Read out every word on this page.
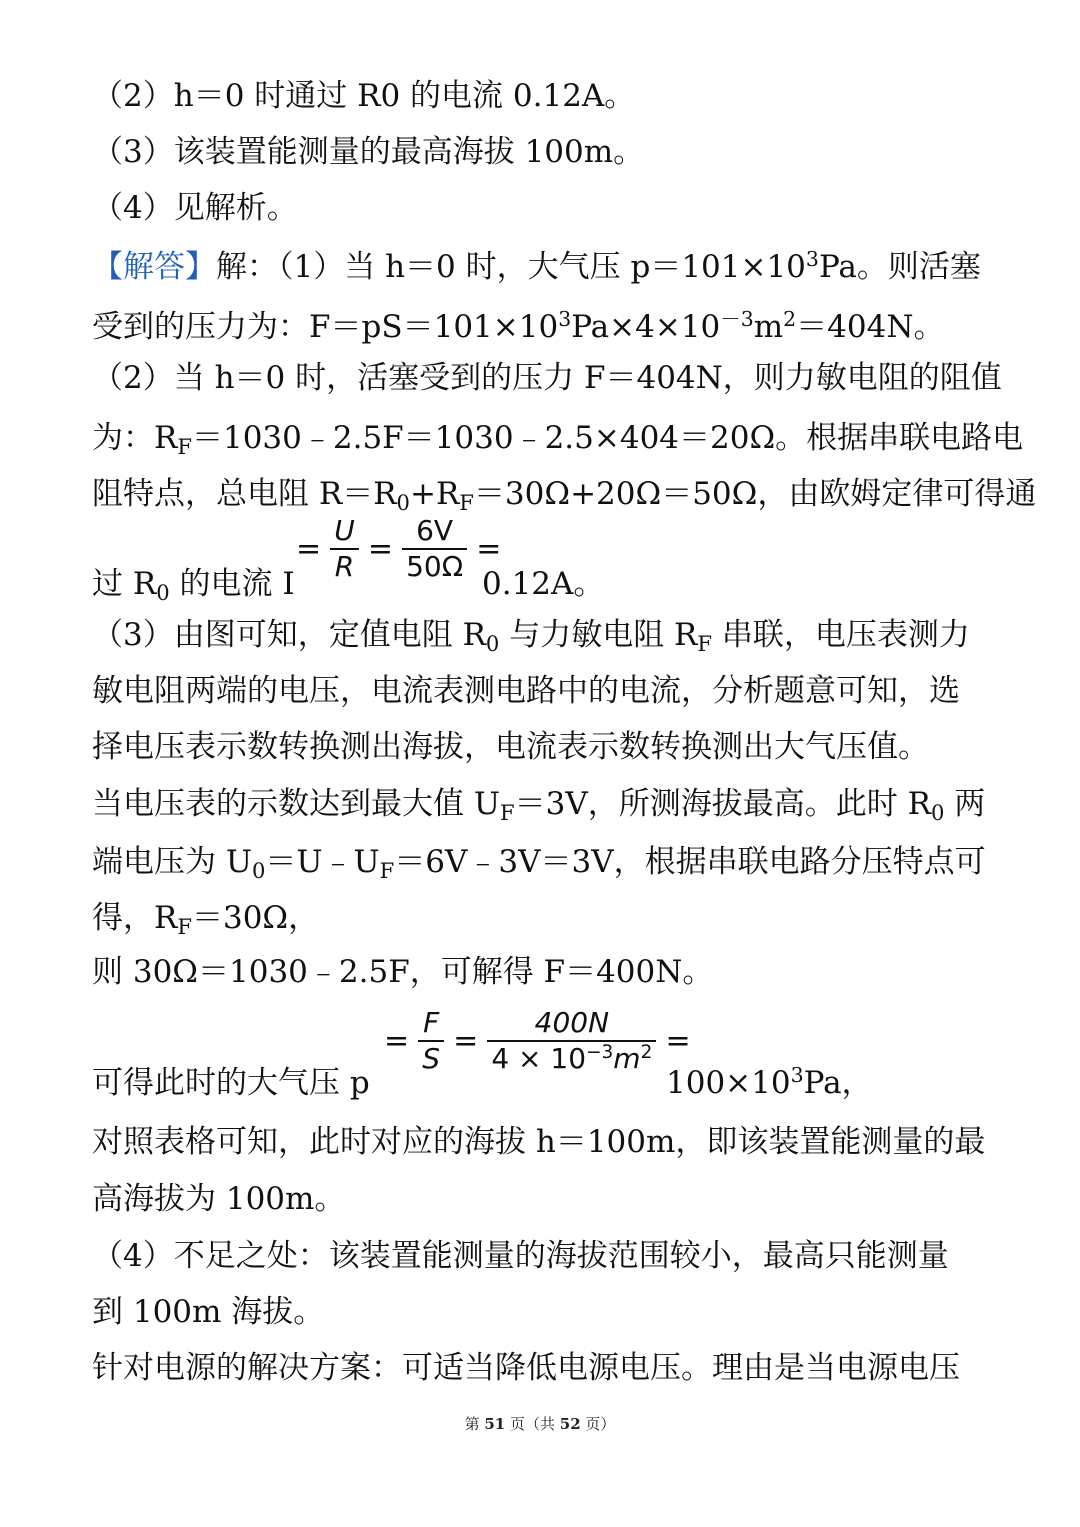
（2）h＝0 时通过 R0 的电流 0.12A。
（3）该装置能测量的最高海拔 100m。
（4）见解析。
【解答】解：（1）当 h＝0 时，大气压 $p=101\times 10^3Pa$。则活塞
受到的压力为：$F=pS=101\times 10^3Pa\times 4\times 10^{-3}m^2=404N$。
（2）当 h＝0 时，活塞受到的压力 F＝404N，则力敏电阻的阻值
为：$R_F=1030﹣2.5F=1030﹣2.5\times 404=20\Omega$。根据串联电路电
阻特点，总电阻 $R=R_0+R_F=30\Omega+20\Omega=50\Omega$，由欧姆定律可得通
过 $R_0$ 的电流 I
= $\frac{U}{R} = \frac{6V}{50\Omega}$ =
0.12A。
（3）由图可知，定值电阻 $R_0$ 与力敏电阻 $R_F$ 串联，电压表测力
敏电阻两端的电压，电流表测电路中的电流，分析题意可知，选
择电压表示数转换测出海拔，电流表示数转换测出大气压值。
当电压表的示数达到最大值 $U_F=3V$，所测海拔最高。此时 $R_0$ 两
端电压为 $U_0=U﹣U_F=6V﹣3V=3V$，根据串联电路分压特点可
得，$R_F=30\Omega$，
则 30Ω＝1030﹣2.5F，可解得 F＝400N。
可得此时的大气压 p
= $\frac{F}{S} = \frac{400N}{4 \times 10^{-3}m^2}$ =
$100\times 10^3Pa$，
对照表格可知，此时对应的海拔 h＝100m，即该装置能测量的最
高海拔为 100m。
（4）不足之处：该装置能测量的海拔范围较小，最高只能测量
到 100m 海拔。
针对电源的解决方案：可适当降低电源电压。理由是当电源电压
第 51 页（共 52 页）
